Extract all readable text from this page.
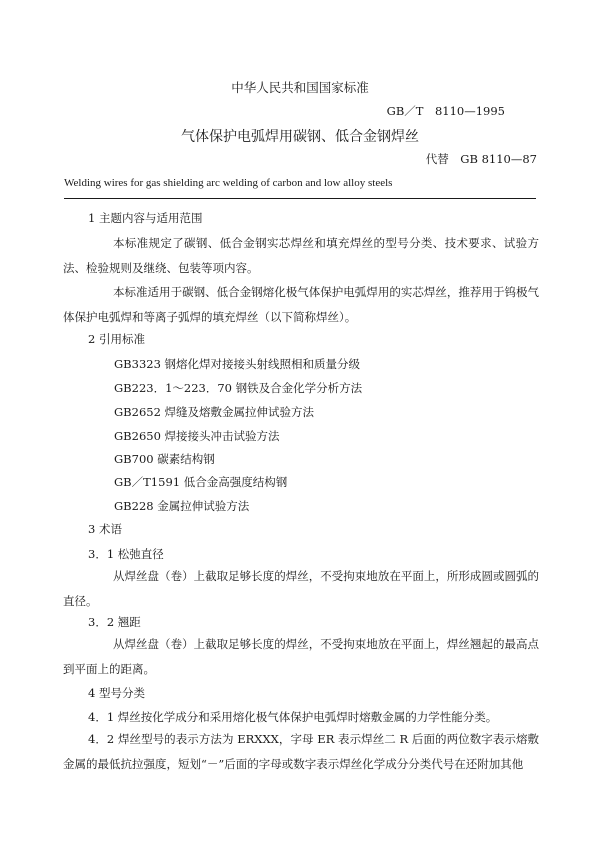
中华人民共和国国家标准
GB／T　8110—1995
气体保护电弧焊用碳钢、低合金钢焊丝
代替　GB 8110—87
Welding wires for gas shielding arc welding of carbon and low alloy steels
1 主题内容与适用范围
本标准规定了碳钢、低合金钢实芯焊丝和填充焊丝的型号分类、技术要求、试验方法、检验规则及继绕、包装等项内容。
本标准适用于碳钢、低合金钢熔化极气体保护电弧焊用的实芯焊丝，推荐用于钨极气体保护电弧焊和等离子弧焊的填充焊丝（以下简称焊丝）。
2 引用标准
GB3323 钢熔化焊对接接头射线照相和质量分级
GB223．1～223．70 钢铁及合金化学分析方法
GB2652 焊缝及熔敷金属拉伸试验方法
GB2650 焊接接头冲击试验方法
GB700 碳素结构钢
GB／T1591 低合金高强度结构钢
GB228 金属拉伸试验方法
3 术语
3．1 松弛直径
从焊丝盘（卷）上截取足够长度的焊丝，不受拘束地放在平面上，所形成圆或圆弧的直径。
3．2 翘距
从焊丝盘（卷）上截取足够长度的焊丝，不受拘束地放在平面上，焊丝翘起的最高点到平面上的距离。
4 型号分类
4．1 焊丝按化学成分和采用熔化极气体保护电弧焊时熔敷金属的力学性能分类。
4．2 焊丝型号的表示方法为 ERXXX，字母 ER 表示焊丝二 R 后面的两位数字表示熔敷金属的最低抗拉强度，短划“－”后面的字母或数字表示焊丝化学成分分类代号在还附加其他
